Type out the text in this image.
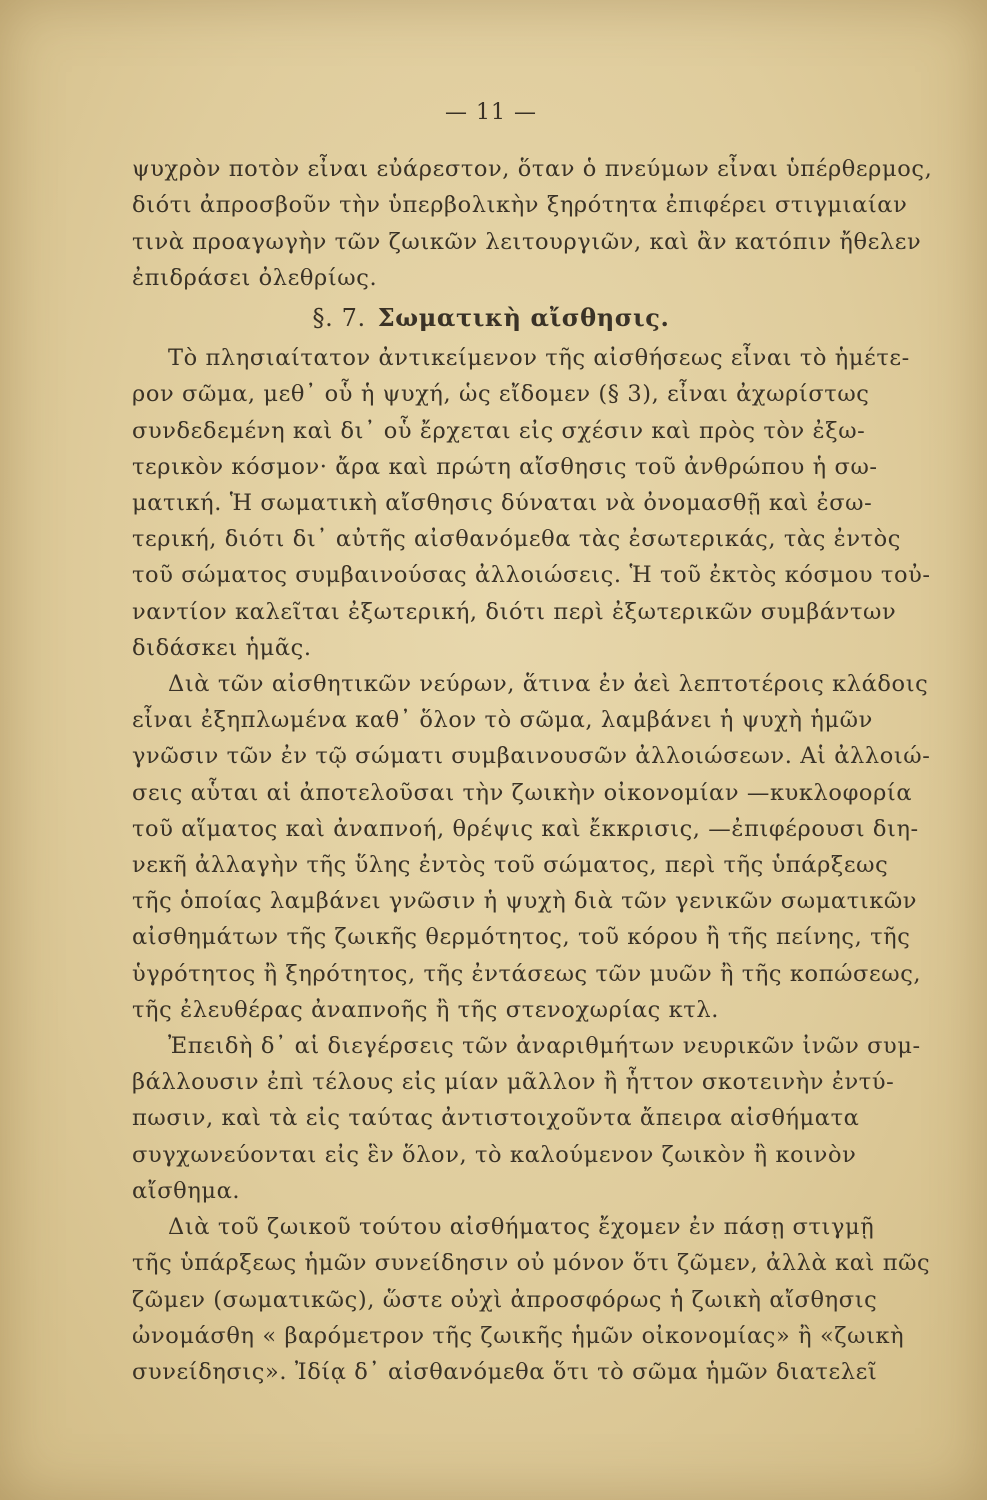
— 11 —
ψυχρὸν ποτὸν εἶναι εὐάρεστον, ὅταν ὁ πνεύμων εἶναι ὑπέρθερμος,
διότι ἀπροσβοῦν τὴν ὑπερβολικὴν ξηρότητα ἐπιφέρει στιγμιαίαν
τινὰ προαγωγὴν τῶν ζωικῶν λειτουργιῶν, καὶ ἂν κατόπιν ἤθελεν
ἐπιδράσει ὀλεθρίως.
§. 7. Σωματικὴ αἴσθησις.
Τὸ πλησιαίτατον ἀντικείμενον τῆς αἰσθήσεως εἶναι τὸ ἡμέτε-
ρον σῶμα, μεθ᾽ οὗ ἡ ψυχή, ὡς εἴδομεν (§ 3), εἶναι ἀχωρίστως
συνδεδεμένη καὶ δι᾽ οὗ ἔρχεται εἰς σχέσιν καὶ πρὸς τὸν ἐξω-
τερικὸν κόσμον· ἄρα καὶ πρώτη αἴσθησις τοῦ ἀνθρώπου ἡ σω-
ματική. Ἡ σωματικὴ αἴσθησις δύναται νὰ ὀνομασθῇ καὶ ἐσω-
τερική, διότι δι᾽ αὐτῆς αἰσθανόμεθα τὰς ἐσωτερικάς, τὰς ἐντὸς
τοῦ σώματος συμβαινούσας ἀλλοιώσεις. Ἡ τοῦ ἐκτὸς κόσμου τοὐ-
ναντίον καλεῖται ἐξωτερική, διότι περὶ ἐξωτερικῶν συμβάντων
διδάσκει ἡμᾶς.
Διὰ τῶν αἰσθητικῶν νεύρων, ἅτινα ἐν ἀεὶ λεπτοτέροις κλάδοις
εἶναι ἐξηπλωμένα καθ᾽ ὅλον τὸ σῶμα, λαμβάνει ἡ ψυχὴ ἡμῶν
γνῶσιν τῶν ἐν τῷ σώματι συμβαινουσῶν ἀλλοιώσεων. Αἱ ἀλλοιώ-
σεις αὗται αἱ ἀποτελοῦσαι τὴν ζωικὴν οἰκονομίαν —κυκλοφορία
τοῦ αἵματος καὶ ἀναπνοή, θρέψις καὶ ἔκκρισις, —ἐπιφέρουσι διη-
νεκῆ ἀλλαγὴν τῆς ὕλης ἐντὸς τοῦ σώματος, περὶ τῆς ὑπάρξεως
τῆς ὁποίας λαμβάνει γνῶσιν ἡ ψυχὴ διὰ τῶν γενικῶν σωματικῶν
αἰσθημάτων τῆς ζωικῆς θερμότητος, τοῦ κόρου ἢ τῆς πείνης, τῆς
ὑγρότητος ἢ ξηρότητος, τῆς ἐντάσεως τῶν μυῶν ἢ τῆς κοπώσεως,
τῆς ἐλευθέρας ἀναπνοῆς ἢ τῆς στενοχωρίας κτλ.
Ἐπειδὴ δ᾽ αἱ διεγέρσεις τῶν ἀναριθμήτων νευρικῶν ἰνῶν συμ-
βάλλουσιν ἐπὶ τέλους εἰς μίαν μᾶλλον ἢ ἧττον σκοτεινὴν ἐντύ-
πωσιν, καὶ τὰ εἰς ταύτας ἀντιστοιχοῦντα ἄπειρα αἰσθήματα
συγχωνεύονται εἰς ἓν ὅλον, τὸ καλούμενον ζωικὸν ἢ κοινὸν
αἴσθημα.
Διὰ τοῦ ζωικοῦ τούτου αἰσθήματος ἔχομεν ἐν πάσῃ στιγμῇ
τῆς ὑπάρξεως ἡμῶν συνείδησιν οὐ μόνον ὅτι ζῶμεν, ἀλλὰ καὶ πῶς
ζῶμεν (σωματικῶς), ὥστε οὐχὶ ἀπροσφόρως ἡ ζωικὴ αἴσθησις
ὠνομάσθη « βαρόμετρον τῆς ζωικῆς ἡμῶν οἰκονομίας» ἢ «ζωικὴ
συνείδησις». Ἰδίᾳ δ᾽ αἰσθανόμεθα ὅτι τὸ σῶμα ἡμῶν διατελεῖ
